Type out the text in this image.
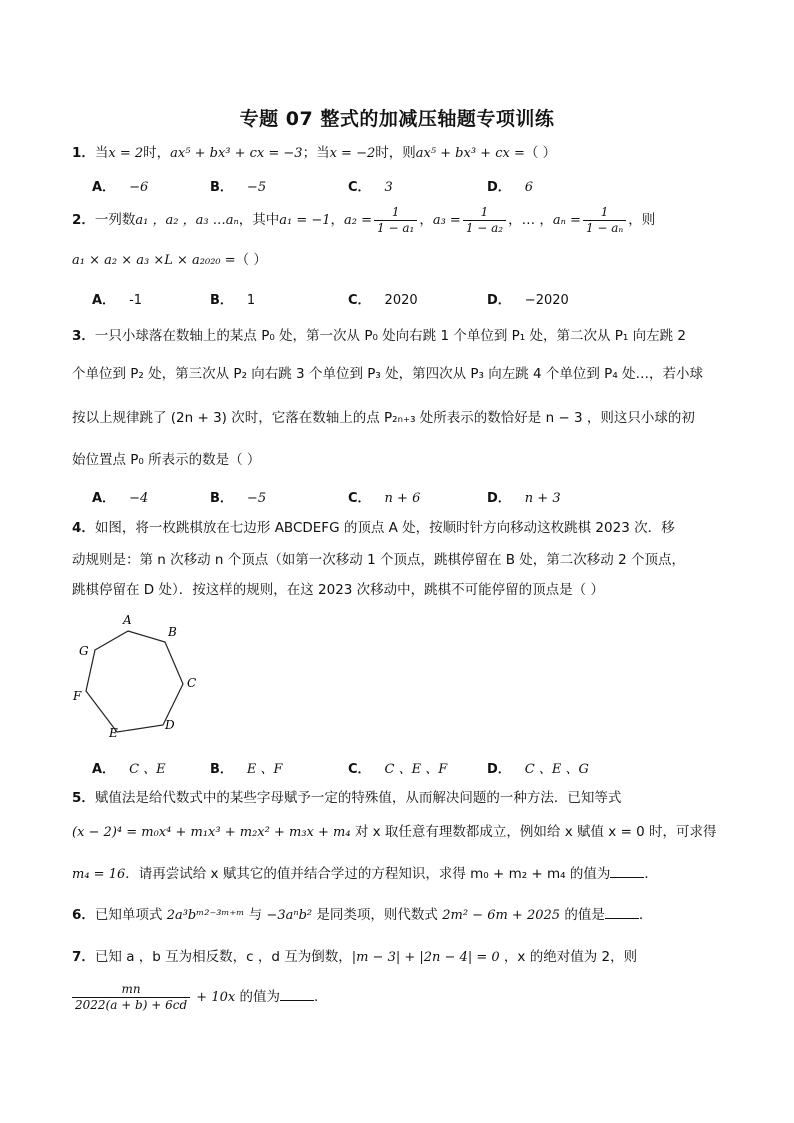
专题 07 整式的加减压轴题专项训练
1．当x = 2时，ax⁵ + bx³ + cx = −3；当x = −2时，则ax⁵ + bx³ + cx =（ ）
A． −6	B． −5	C． 3	D． 6
2．一列数a₁ ，a₂ ，a₃ …aₙ，其中a₁ = −1，$a_2 = \frac{1}{\text{1 − a₁}}$ ，$a_3 = \frac{1}{\text{1 − a₂}}$ ，… ，$a_n = \frac{1}{\text{1 − aₙ}}$ ，则
a₁ × a₂ × a₃ ×L × a₂₀₂₀ =（ ）
A． -1	B． 1	C． 2020	D． −2020
3．一只小球落在数轴上的某点 P₀ 处，第一次从 P₀ 处向右跳 1 个单位到 P₁ 处，第二次从 P₁ 向左跳 2
个单位到 P₂ 处，第三次从 P₂ 向右跳 3 个单位到 P₃ 处，第四次从 P₃ 向左跳 4 个单位到 P₄ 处…，若小球
按以上规律跳了 (2n + 3) 次时，它落在数轴上的点 P₂ₙ₊₃ 处所表示的数恰好是 n − 3 ，则这只小球的初
始位置点 P₀ 所表示的数是（ ）
A． −4	B． −5	C． n + 6	D． n + 3
4．如图，将一枚跳棋放在七边形 ABCDEFG 的顶点 A 处，按顺时针方向移动这枚跳棋 2023 次．移
动规则是：第 n 次移动 n 个顶点（如第一次移动 1 个顶点，跳棋停留在 B 处，第二次移动 2 个顶点，
跳棋停留在 D 处）．按这样的规则，在这 2023 次移动中，跳棋不可能停留的顶点是（ ）
A
B
C
D
E
F
G
A． C 、E	B． E 、F	C． C 、E 、F	D． C 、E 、G
5．赋值法是给代数式中的某些字母赋予一定的特殊值，从而解决问题的一种方法．已知等式
(x − 2)⁴ = m₀x⁴ + m₁x³ + m₂x² + m₃x + m₄ 对 x 取任意有理数都成立，例如给 x 赋值 x = 0 时，可求得
m₄ = 16．请再尝试给 x 赋其它的值并结合学过的方程知识，求得 m₀ + m₂ + m₄ 的值为	．
6．已知单项式 2a³bᵐ²⁻³ᵐ⁺ᵐ 与 −3aⁿb² 是同类项，则代数式 2m² − 6m + 2025 的值是	．
7．已知 a ，b 互为相反数，c ，d 互为倒数，|m − 3| + |2n − 4| = 0 ，x 的绝对值为 2，则
$\frac{mn}{2022(a + b) + 6cd} + 10x$ 的值为	.
